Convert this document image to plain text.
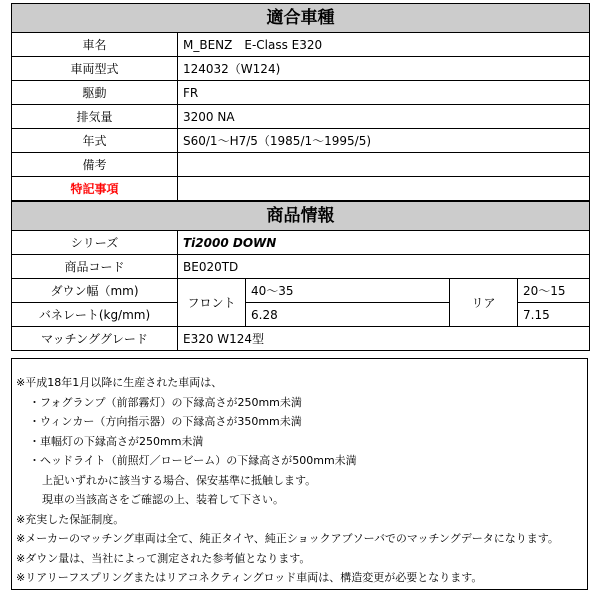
適合車種	
車名	M_BENZ　E-Class E320
車両型式	124032（W124)
駆動	FR
排気量	3200 NA
年式	S60/1～H7/5（1985/1～1995/5)
備考	
特記事項	
商品情報				
シリーズ	Ti2000 DOWN			
商品コード	BE020TD			
ダウン幅（mm)	フロント	40～35	リア	20～15
バネレート(kg/mm)		6.28		7.15
マッチンググレード	E320 W124型			
※平成18年1月以降に生産された車両は、
・フォグランプ（前部霧灯）の下縁高さが250mm未満
・ウィンカー（方向指示器）の下縁高さが350mm未満
・車幅灯の下縁高さが250mm未満
・ヘッドライト（前照灯／ロービーム）の下縁高さが500mm未満
上記いずれかに該当する場合、保安基準に抵触します。
現車の当該高さをご確認の上、装着して下さい。
※充実した保証制度。
※メーカーのマッチング車両は全て、純正タイヤ、純正ショックアブソーバでのマッチングデータになります。
※ダウン量は、当社によって測定された参考値となります。
※リアリーフスプリングまたはリアコネクティングロッド車両は、構造変更が必要となります。
